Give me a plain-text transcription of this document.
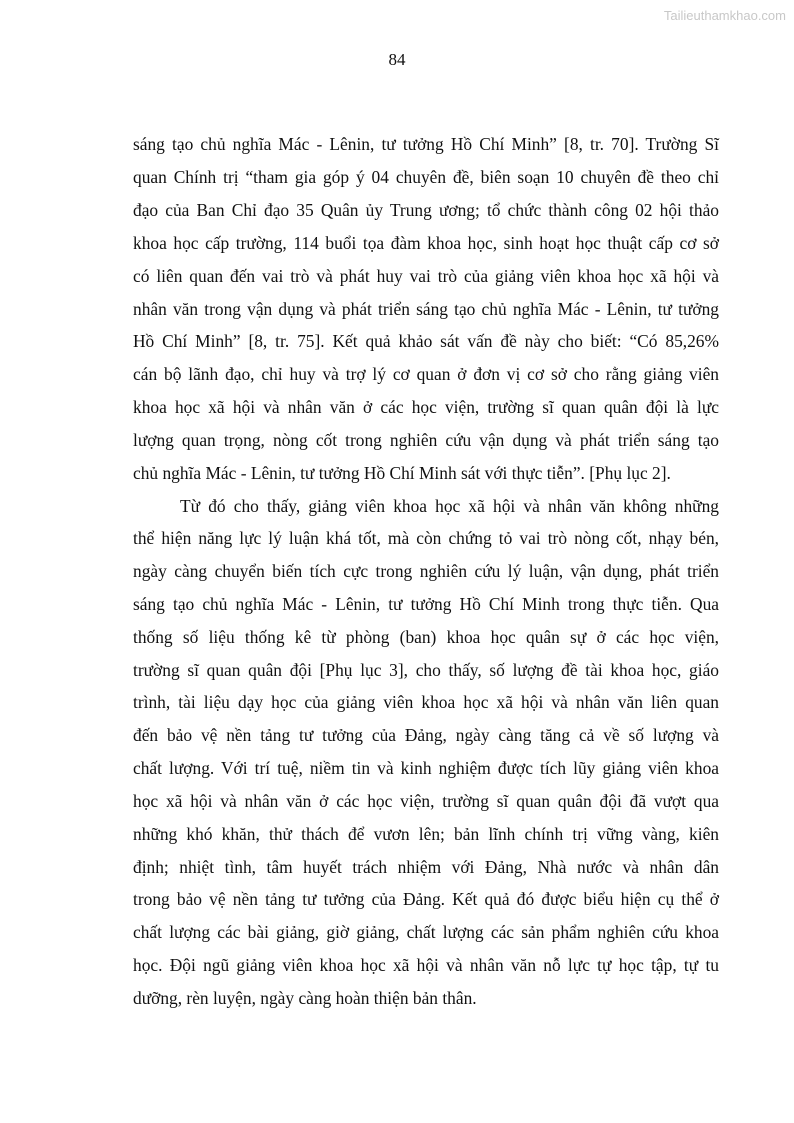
Tailieuthamkhao.com
84
sáng tạo chủ nghĩa Mác - Lênin, tư tưởng Hồ Chí Minh” [8, tr. 70]. Trường Sĩ
quan Chính trị “tham gia góp ý 04 chuyên đề, biên soạn 10 chuyên đề theo chỉ
đạo của Ban Chỉ đạo 35 Quân ủy Trung ương; tổ chức thành công 02 hội thảo
khoa học cấp trường, 114 buổi tọa đàm khoa học, sinh hoạt học thuật cấp cơ sở
có liên quan đến vai trò và phát huy vai trò của giảng viên khoa học xã hội và
nhân văn trong vận dụng và phát triển sáng tạo chủ nghĩa Mác - Lênin, tư tưởng
Hồ Chí Minh” [8, tr. 75]. Kết quả khảo sát vấn đề này cho biết: “Có 85,26%
cán bộ lãnh đạo, chỉ huy và trợ lý cơ quan ở đơn vị cơ sở cho rằng giảng viên
khoa học xã hội và nhân văn ở các học viện, trường sĩ quan quân đội là lực
lượng quan trọng, nòng cốt trong nghiên cứu vận dụng và phát triển sáng tạo
chủ nghĩa Mác - Lênin, tư tưởng Hồ Chí Minh sát với thực tiễn”. [Phụ lục 2].
Từ đó cho thấy, giảng viên khoa học xã hội và nhân văn không những
thể hiện năng lực lý luận khá tốt, mà còn chứng tỏ vai trò nòng cốt, nhạy bén,
ngày càng chuyển biến tích cực trong nghiên cứu lý luận, vận dụng, phát triển
sáng tạo chủ nghĩa Mác - Lênin, tư tưởng Hồ Chí Minh trong thực tiễn. Qua
thống số liệu thống kê từ phòng (ban) khoa học quân sự ở các học viện,
trường sĩ quan quân đội [Phụ lục 3], cho thấy, số lượng đề tài khoa học, giáo
trình, tài liệu dạy học của giảng viên khoa học xã hội và nhân văn liên quan
đến bảo vệ nền tảng tư tưởng của Đảng, ngày càng tăng cả về số lượng và
chất lượng. Với trí tuệ, niềm tin và kinh nghiệm được tích lũy giảng viên khoa
học xã hội và nhân văn ở các học viện, trường sĩ quan quân đội đã vượt qua
những khó khăn, thử thách để vươn lên; bản lĩnh chính trị vững vàng, kiên
định; nhiệt tình, tâm huyết trách nhiệm với Đảng, Nhà nước và nhân dân
trong bảo vệ nền tảng tư tưởng của Đảng. Kết quả đó được biểu hiện cụ thể ở
chất lượng các bài giảng, giờ giảng, chất lượng các sản phẩm nghiên cứu khoa
học. Đội ngũ giảng viên khoa học xã hội và nhân văn nỗ lực tự học tập, tự tu
dưỡng, rèn luyện, ngày càng hoàn thiện bản thân.
